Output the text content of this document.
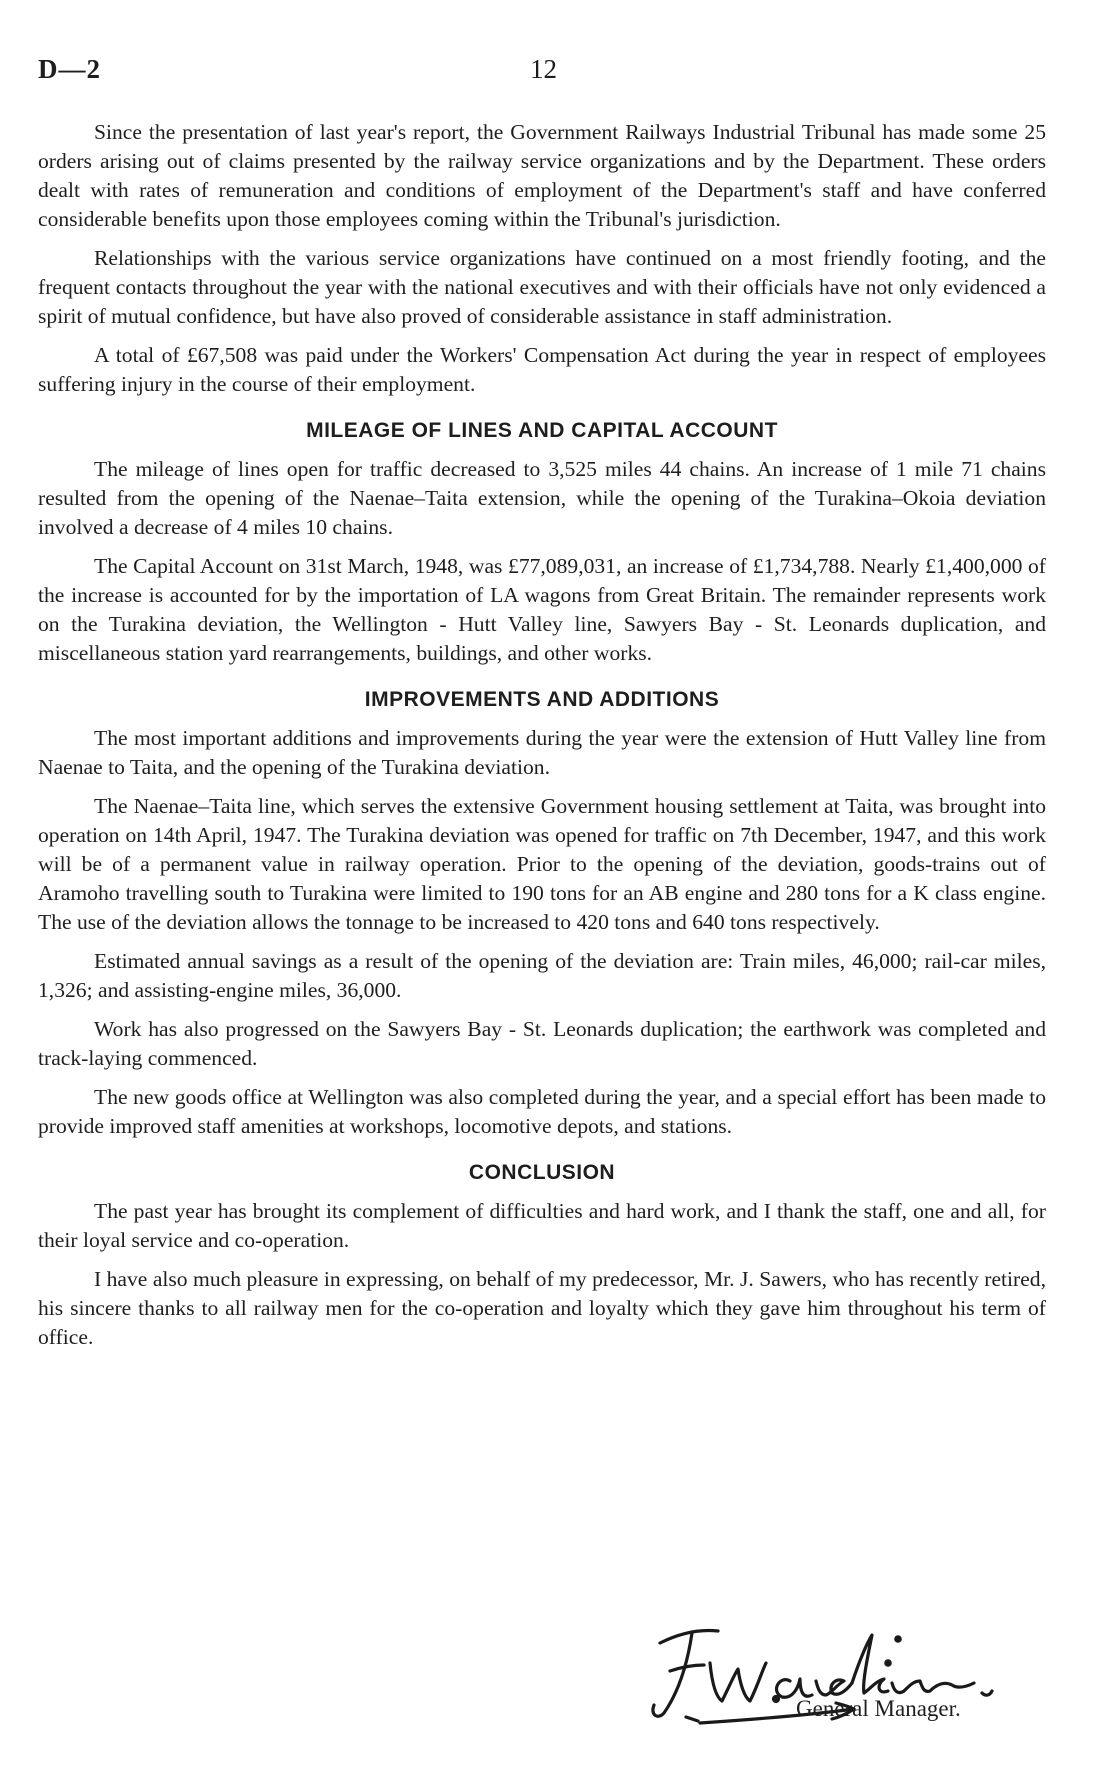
D—2	12

Since the presentation of last year's report, the Government Railways Industrial Tribunal has made some 25 orders arising out of claims presented by the railway service organizations and by the Department. These orders dealt with rates of remuneration and conditions of employment of the Department's staff and have conferred considerable benefits upon those employees coming within the Tribunal's jurisdiction.

Relationships with the various service organizations have continued on a most friendly footing, and the frequent contacts throughout the year with the national executives and with their officials have not only evidenced a spirit of mutual confidence, but have also proved of considerable assistance in staff administration.

A total of £67,508 was paid under the Workers' Compensation Act during the year in respect of employees suffering injury in the course of their employment.

MILEAGE OF LINES AND CAPITAL ACCOUNT

The mileage of lines open for traffic decreased to 3,525 miles 44 chains. An increase of 1 mile 71 chains resulted from the opening of the Naenae–Taita extension, while the opening of the Turakina–Okoia deviation involved a decrease of 4 miles 10 chains.

The Capital Account on 31st March, 1948, was £77,089,031, an increase of £1,734,788. Nearly £1,400,000 of the increase is accounted for by the importation of LA wagons from Great Britain. The remainder represents work on the Turakina deviation, the Wellington - Hutt Valley line, Sawyers Bay - St. Leonards duplication, and miscellaneous station yard rearrangements, buildings, and other works.

IMPROVEMENTS AND ADDITIONS

The most important additions and improvements during the year were the extension of Hutt Valley line from Naenae to Taita, and the opening of the Turakina deviation.

The Naenae–Taita line, which serves the extensive Government housing settlement at Taita, was brought into operation on 14th April, 1947. The Turakina deviation was opened for traffic on 7th December, 1947, and this work will be of a permanent value in railway operation. Prior to the opening of the deviation, goods-trains out of Aramoho travelling south to Turakina were limited to 190 tons for an AB engine and 280 tons for a K class engine. The use of the deviation allows the tonnage to be increased to 420 tons and 640 tons respectively.

Estimated annual savings as a result of the opening of the deviation are: Train miles, 46,000; rail-car miles, 1,326; and assisting-engine miles, 36,000.

Work has also progressed on the Sawyers Bay - St. Leonards duplication; the earthwork was completed and track-laying commenced.

The new goods office at Wellington was also completed during the year, and a special effort has been made to provide improved staff amenities at workshops, locomotive depots, and stations.

CONCLUSION

The past year has brought its complement of difficulties and hard work, and I thank the staff, one and all, for their loyal service and co-operation.

I have also much pleasure in expressing, on behalf of my predecessor, Mr. J. Sawers, who has recently retired, his sincere thanks to all railway men for the co-operation and loyalty which they gave him throughout his term of office.

General Manager.
